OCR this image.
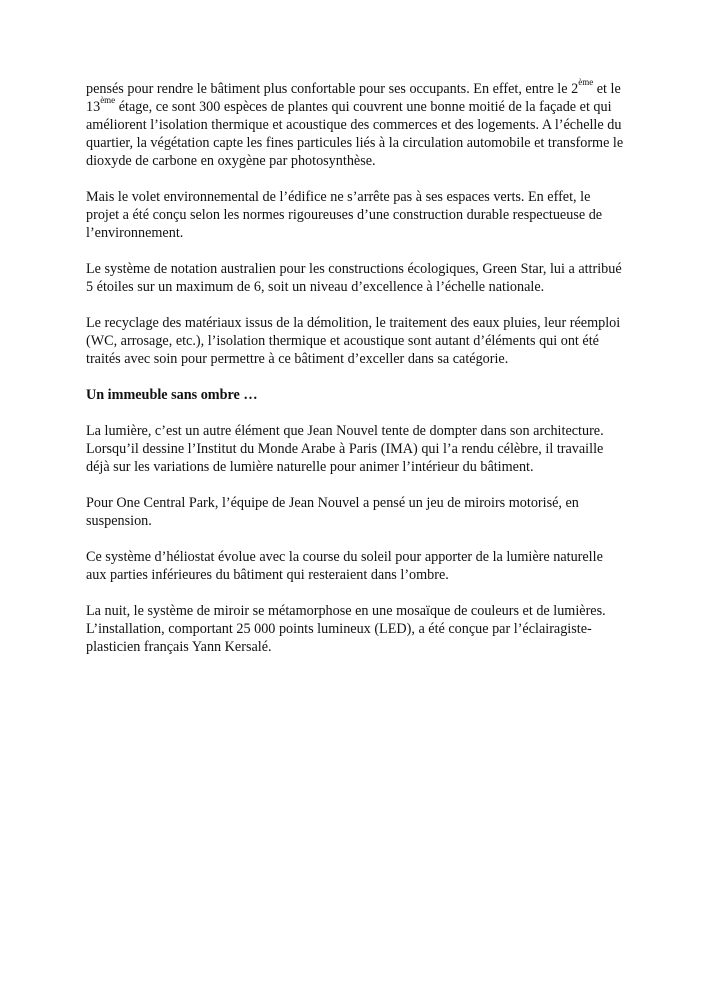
pensés pour rendre le bâtiment plus confortable pour ses occupants. En effet, entre le 2ème et le 13ème étage, ce sont 300 espèces de plantes qui couvrent une bonne moitié de la façade et qui améliorent l’isolation thermique et acoustique des commerces et des logements. A l’échelle du quartier, la végétation capte les fines particules liés à la circulation automobile et transforme le dioxyde de carbone en oxygène par photosynthèse.

Mais le volet environnemental de l’édifice ne s’arrête pas à ses espaces verts. En effet, le projet a été conçu selon les normes rigoureuses d’une construction durable respectueuse de l’environnement.

Le système de notation australien pour les constructions écologiques, Green Star, lui a attribué 5 étoiles sur un maximum de 6, soit un niveau d’excellence à l’échelle nationale.

Le recyclage des matériaux issus de la démolition, le traitement des eaux pluies, leur réemploi (WC, arrosage, etc.), l’isolation thermique et acoustique sont autant d’éléments qui ont été traités avec soin pour permettre à ce bâtiment d’exceller dans sa catégorie.

Un immeuble sans ombre …

La lumière, c’est un autre élément que Jean Nouvel tente de dompter dans son architecture. Lorsqu’il dessine l’Institut du Monde Arabe à Paris (IMA) qui l’a rendu célèbre, il travaille déjà sur les variations de lumière naturelle pour animer l’intérieur du bâtiment.

Pour One Central Park, l’équipe de Jean Nouvel a pensé un jeu de miroirs motorisé, en suspension.

Ce système d’héliostat évolue avec la course du soleil pour apporter de la lumière naturelle aux parties inférieures du bâtiment qui resteraient dans l’ombre.

La nuit, le système de miroir se métamorphose en une mosaïque de couleurs et de lumières. L’installation, comportant 25 000 points lumineux (LED), a été conçue par l’éclairagiste-plasticien français Yann Kersalé.
